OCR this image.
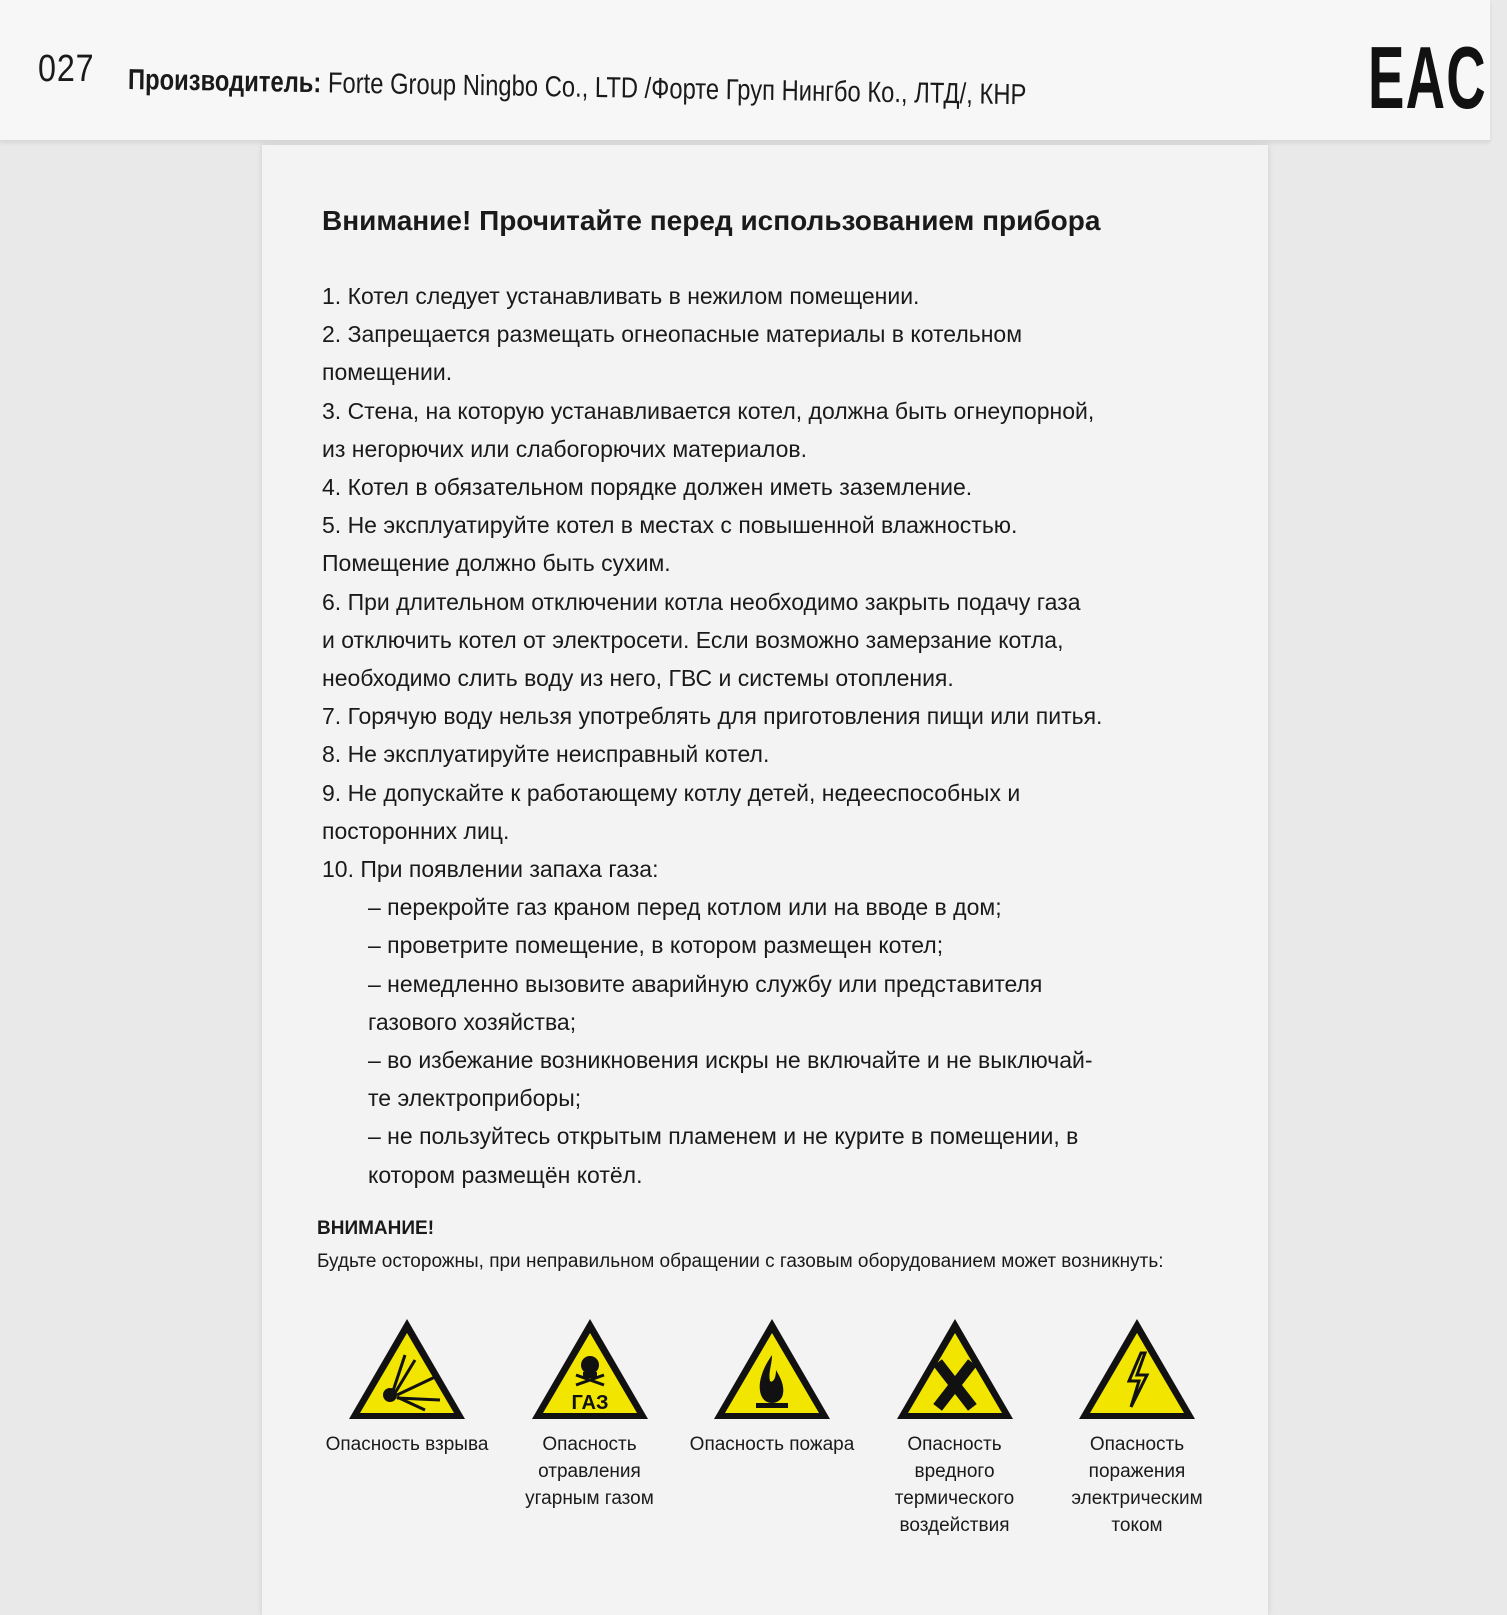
027 Производитель: Forte Group Ningbo Co., LTD /Форте Груп Нингбо Ко., ЛТД/, КНР	EAC
Внимание! Прочитайте перед использованием прибора
1. Котел следует устанавливать в нежилом помещении.
2. Запрещается размещать огнеопасные материалы в котельном
помещении.
3. Стена, на которую устанавливается котел, должна быть огнеупорной,
из негорючих или слабогорючих материалов.
4. Котел в обязательном порядке должен иметь заземление.
5. Не эксплуатируйте котел в местах с повышенной влажностью.
Помещение должно быть сухим.
6. При длительном отключении котла необходимо закрыть подачу газа
и отключить котел от электросети. Если возможно замерзание котла,
необходимо слить воду из него, ГВС и системы отопления.
7. Горячую воду нельзя употреблять для приготовления пищи или питья.
8. Не эксплуатируйте неисправный котел.
9. Не допускайте к работающему котлу детей, недееспособных и
посторонних лиц.
10. При появлении запаха газа:
– перекройте газ краном перед котлом или на вводе в дом;
– проветрите помещение, в котором размещен котел;
– немедленно вызовите аварийную службу или представителя
газового хозяйства;
– во избежание возникновения искры не включайте и не выключай-
те электроприборы;
– не пользуйтесь открытым пламенем и не курите в помещении, в
котором размещён котёл.
ВНИМАНИЕ!
Будьте осторожны, при неправильном обращении с газовым оборудованием может возникнуть:
Опасность взрыва
ГАЗ
Опасность отравления угарным газом
Опасность пожара	Опасность вредного термического воздействия
Опасность поражения электрическим током
